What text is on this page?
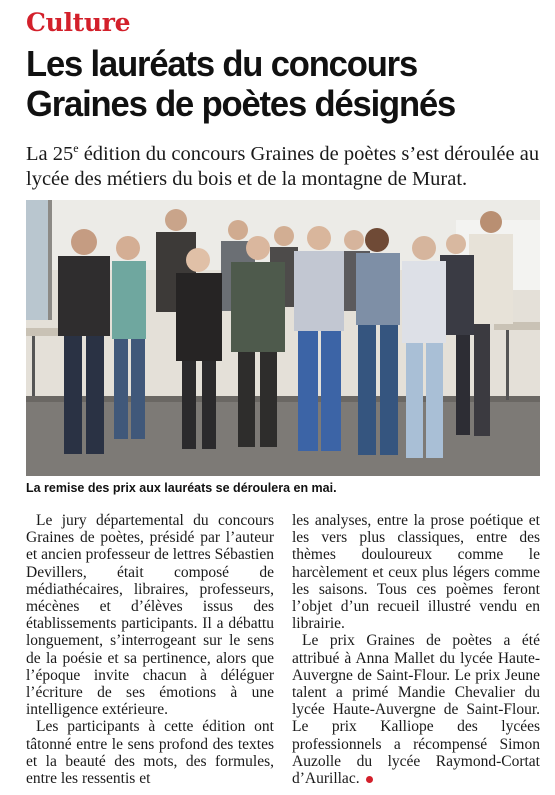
Culture
Les lauréats du concours Graines de poètes désignés
La 25e édition du concours Graines de poètes s’est déroulée au lycée des métiers du bois et de la montagne de Murat.
La remise des prix aux lauréats se déroulera en mai.

Le jury départemental du concours Graines de poètes, présidé par l’auteur et ancien professeur de lettres Sébastien Devillers, était composé de médiathécaires, libraires, professeurs, mécènes et d’élèves issus des établissements participants. Il a débattu longuement, s’interrogeant sur le sens de la poésie et sa pertinence, alors que l’époque invite chacun à déléguer l’écriture de ses émotions à une intelligence extérieure.

Les participants à cette édition ont tâtonné entre le sens profond des textes et la beauté des mots, des formules, entre les ressentis et

les analyses, entre la prose poétique et les vers plus classiques, entre des thèmes douloureux comme le harcèlement et ceux plus légers comme les saisons. Tous ces poèmes feront l’objet d’un recueil illustré vendu en librairie.

Le prix Graines de poètes a été attribué à Anna Mallet du lycée Haute-Auvergne de Saint-Flour. Le prix Jeune talent a primé Mandie Chevalier du lycée Haute-Auvergne de Saint-Flour. Le prix Kalliope des lycées professionnels a récompensé Simon Auzolle du lycée Raymond-Cortat d’Aurillac.
